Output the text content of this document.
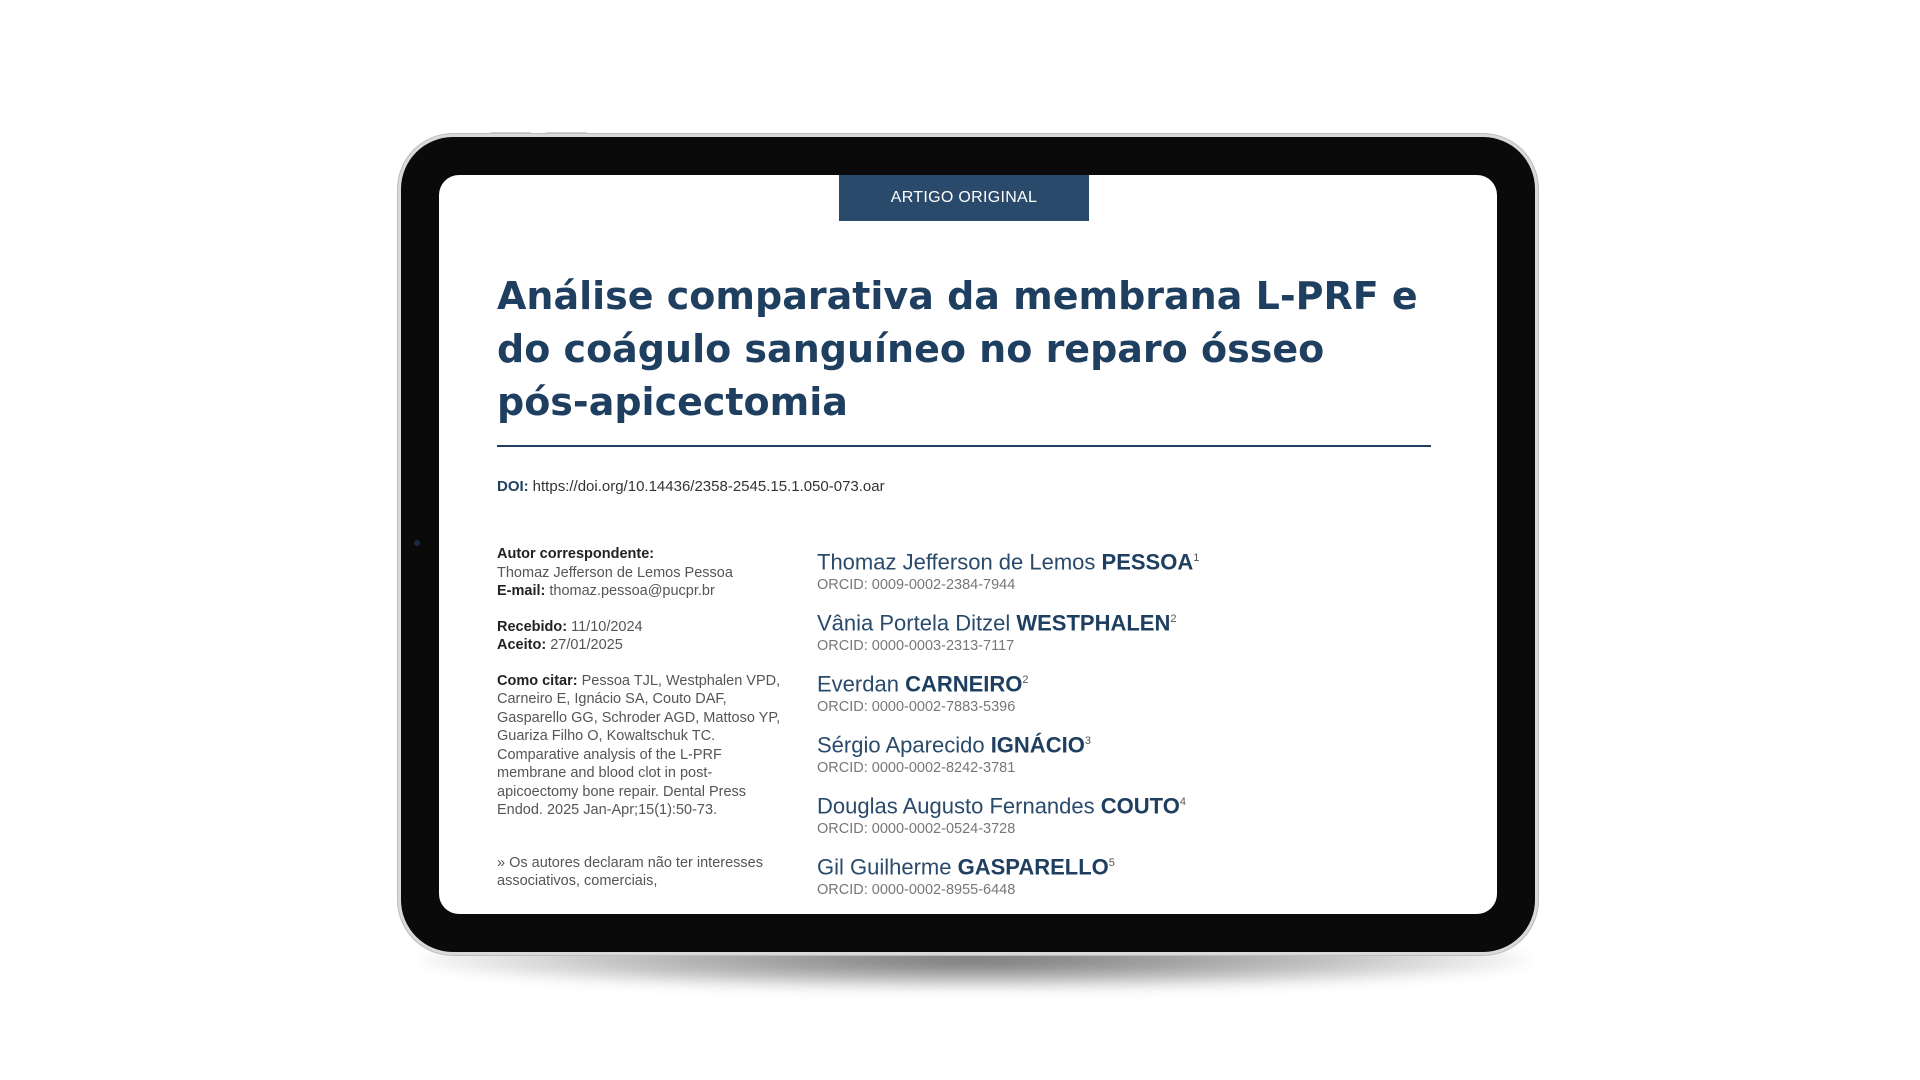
ARTIGO ORIGINAL
Análise comparativa da membrana L-PRF e do coágulo sanguíneo no reparo ósseo pós-apicectomia
DOI: https://doi.org/10.14436/2358-2545.15.1.050-073.oar
Autor correspondente:
Thomaz Jefferson de Lemos Pessoa
E-mail: thomaz.pessoa@pucpr.br
Recebido: 11/10/2024
Aceito: 27/01/2025
Como citar: Pessoa TJL, Westphalen VPD, Carneiro E, Ignácio SA, Couto DAF, Gasparello GG, Schroder AGD, Mattoso YP, Guariza Filho O, Kowaltschuk TC. Comparative analysis of the L-PRF membrane and blood clot in post-apicoectomy bone repair. Dental Press Endod. 2025 Jan-Apr;15(1):50-73.
» Os autores declaram não ter interesses associativos, comerciais,
Thomaz Jefferson de Lemos PESSOA$^1$
ORCID: 0009-0002-2384-7944
Vânia Portela Ditzel WESTPHALEN$^2$
ORCID: 0000-0003-2313-7117
Everdan CARNEIRO$^2$
ORCID: 0000-0002-7883-5396
Sérgio Aparecido IGNÁCIO$^3$
ORCID: 0000-0002-8242-3781
Douglas Augusto Fernandes COUTO$^4$
ORCID: 0000-0002-0524-3728
Gil Guilherme GASPARELLO$^5$
ORCID: 0000-0002-8955-6448
